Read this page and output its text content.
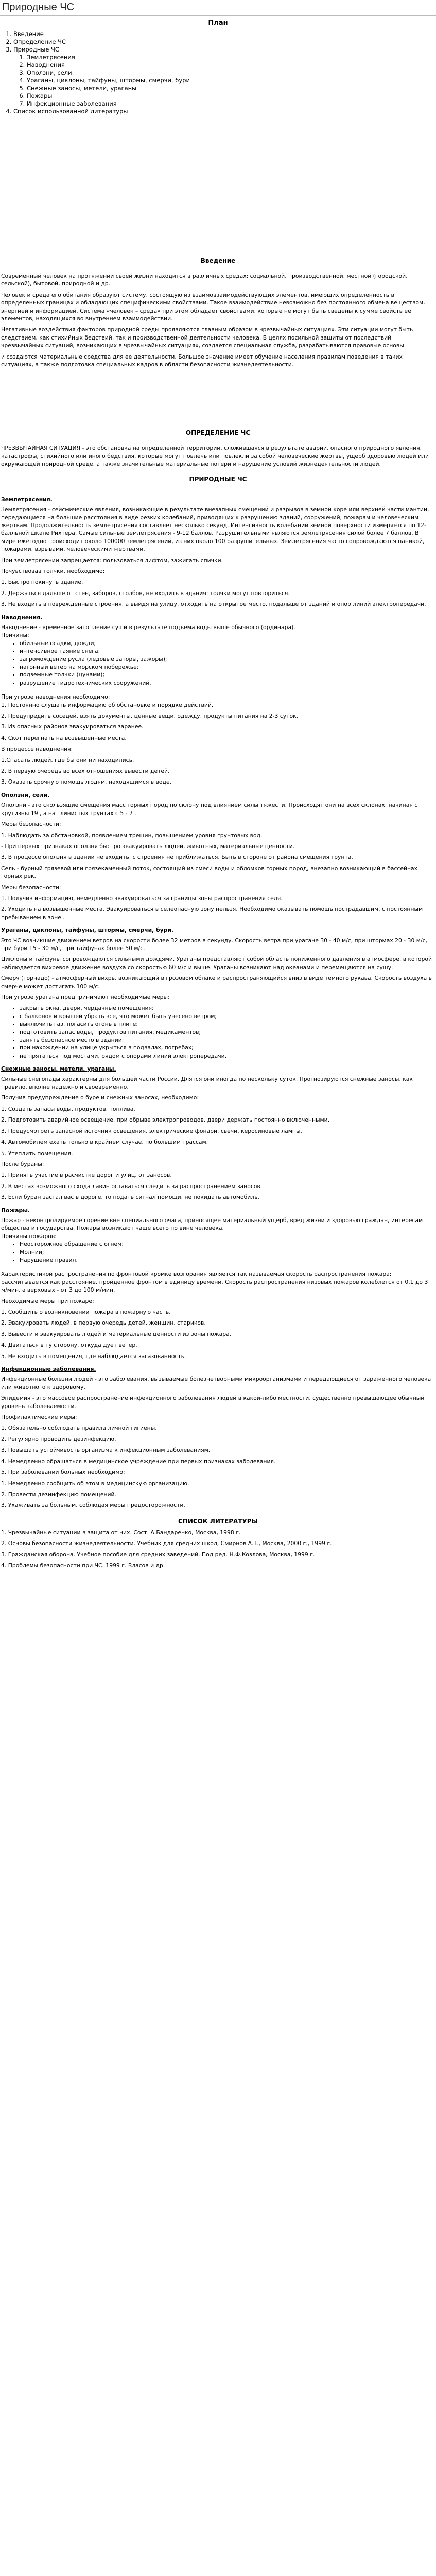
Природные ЧС
План
1. Введение
2. Определение ЧС
3. Природные ЧС
1. Землетрясения
2. Наводнения
3. Оползни, сели
4. Ураганы, циклоны, тайфуны, штормы, смерчи, бури
5. Снежные заносы, метели, ураганы
6. Пожары
7. Инфекционные заболевания
4. Список использованной литературы
Введение

Современный человек на протяжении своей жизни находится в различных средах: социальной, производственной, местной (городской, сельской), бытовой, природной и др.

Человек и среда его обитания образуют систему, состоящую из взаимовзаимодействующих элементов, имеющих определенность в определенных границах и обладающих специфическими свойствами. Такое взаимодействие невозможно без постоянного обмена веществом, энергией и информацией. Система «человек – среда» при этом обладает свойствами, которые не могут быть сведены к сумме свойств ее элементов, находящихся во внутреннем взаимодействии.

Негативные воздействия факторов природной среды проявляются главным образом в чрезвычайных ситуациях. Эти ситуации могут быть следствием, как стихийных бедствий, так и производственной деятельности человека. В целях посильной защиты от последствий чрезвычайных ситуаций, возникающих в чрезвычайных ситуациях, создается специальная служба, разрабатываются правовые основы

и создаются материальные средства для ее деятельности. Большое значение имеет обучение населения правилам поведения в таких ситуациях, а также подготовка специальных кадров в области безопасности жизнедеятельности.

ОПРЕДЕЛЕНИЕ ЧС

ЧРЕЗВЫЧАЙНАЯ СИТУАЦИЯ - это обстановка на определенной территории, сложившаяся в результате аварии, опасного природного явления, катастрофы, стихийного или иного бедствия, которые могут повлечь или повлекли за собой человеческие жертвы, ущерб здоровью людей или окружающей природной среде, а также значительные материальные потери и нарушение условий жизнедеятельности людей.

ПРИРОДНЫЕ ЧС

Землетрясения.

Землетрясения - сейсмические явления, возникающие в результате внезапных смещений и разрывов в земной коре или верхней части мантии, передающиеся на большие расстояния в виде резких колебаний, приводящих к разрушению зданий, сооружений, пожарам и человеческим жертвам. Продолжительность землетрясения составляет несколько секунд. Интенсивность колебаний земной поверхности измеряется по 12-балльной шкале Рихтера. Самые сильные землетрясения - 9-12 баллов. Разрушительными являются землетрясения силой более 7 баллов. В мире ежегодно происходит около 100000 землетрясений, из них около 100 разрушительных. Землетрясения часто сопровождаются паникой, пожарами, взрывами, человеческими жертвами.

При землетрясении запрещается: пользоваться лифтом, зажигать спички.

Почувствовав толчки, необходимо:

1. Быстро покинуть здание.

2. Держаться дальше от стен, заборов, столбов, не входить в здания: толчки могут повториться.

3. Не входить в поврежденные строения, а выйдя на улицу, отходить на открытое место, подальше от зданий и опор линий электропередачи.

Наводнения.

Наводнение - временное затопление суши в результате подъема воды выше обычного (ординара).

Причины:

• обильные осадки, дожди;
• интенсивное таяние снега;
• загромождение русла (ледовые заторы, зажоры);
• нагонный ветер на морском побережье;
• подземные толчки (цунами);
• разрушение гидротехнических сооружений.

При угрозе наводнения необходимо:

1. Постоянно слушать информацию об обстановке и порядке действий.

2. Предупредить соседей, взять документы, ценные вещи, одежду, продукты питания на 2-3 суток.

3. Из опасных районов эвакуироваться заранее.

4. Скот перегнать на возвышенные места.

В процессе наводнения:

1.Спасать людей, где бы они ни находились.

2. В первую очередь во всех отношениях вывести детей.

3. Оказать срочную помощь людям, находящимся в воде.

Оползни, сели.

Оползни - это скользящие смещения масс горных пород по склону под влиянием силы тяжести. Происходят они на всех склонах, начиная с крутизны 19 , а на глинистых грунтах с 5 - 7 .

Меры безопасности:

1. Наблюдать за обстановкой, появлением трещин, повышением уровня грунтовых вод.

- При первых признаках оползня быстро эвакуировать людей, животных, материальные ценности.

3. В процессе оползня в здании не входить, с строения не приближаться. Быть в стороне от района смещения грунта.

Сель - бурный грязевой или грязекаменный поток, состоящий из смеси воды и обломков горных пород, внезапно возникающий в бассейнах горных рек.

Меры безопасности:

1. Получив информацию, немедленно эвакуироваться за границы зоны распространения селя.

2. Уходить на возвышенные места. Эвакуироваться в селеопасную зону нельзя. Необходимо оказывать помощь пострадавшим, с постоянным пребыванием в зоне .

Ураганы, циклоны, тайфуны, штормы, смерчи, бури.

Это ЧС возникшие движением ветров на скорости более 32 метров в секунду. Скорость ветра при урагане 30 - 40 м/с, при штормах 20 - 30 м/с, при бури 15 - 30 м/с, при тайфунах более 50 м/с.

Циклоны и тайфуны сопровождаются сильными дождями. Ураганы представляют собой область пониженного давления в атмосфере, в которой наблюдается вихревое движение воздуха со скоростью 60 м/с и выше. Ураганы возникают над океанами и перемещаются на сушу.

Смерч (торнадо) - атмосферный вихрь, возникающий в грозовом облаке и распространяющийся вниз в виде темного рукава. Скорость воздуха в смерче может достигать 100 м/с.

При угрозе урагана предпринимают необходимые меры:

• закрыть окна, двери, чердачные помещения;
• с балконов и крышей убрать все, что может быть унесено ветром;
• выключить газ, погасить огонь в плите;
• подготовить запас воды, продуктов питания, медикаментов;
• занять безопасное место в здании;
• при нахождении на улице укрыться в подвалах, погребах;
• не прятаться под мостами, рядом с опорами линий электропередачи.

Снежные заносы, метели, ураганы.

Сильные снегопады характерны для большей части России. Длятся они иногда по нескольку суток. Прогнозируются снежные заносы, как правило, вполне надежно и своевременно.

Получив предупреждение о буре и снежных заносах, необходимо:

1. Создать запасы воды, продуктов, топлива.

2. Подготовить аварийное освещение, при обрыве электропроводов, двери держать постоянно включенными.

3. Предусмотреть запасной источник освещения, электрические фонари, свечи, керосиновые лампы.

4. Автомобилем ехать только в крайнем случае, по большим трассам.

5. Утеплить помещения.

После бураны:

1. Принять участие в расчистке дорог и улиц, от заносов.

2. В местах возможного схода лавин оставаться следить за распространением заносов.

3. Если буран застал вас в дороге, то подать сигнал помощи, не покидать автомобиль.

Пожары.

Пожар - неконтролируемое горение вне специального очага, приносящее материальный ущерб, вред жизни и здоровью граждан, интересам общества и государства. Пожары возникают чаще всего по вине человека.

Причины пожаров:

• Неосторожное обращение с огнем;
• Молнии;
• Нарушение правил.

Характеристикой распространения по фронтовой кромке возгорания является так называемая скорость распространения пожара: рассчитывается как расстояние, пройденное фронтом в единицу времени. Скорость распространения низовых пожаров колеблется от 0,1 до 3 м/мин, а верховых - от 3 до 100 м/мин.

Неоходимые меры при пожаре:

1. Сообщить о возникновении пожара в пожарную часть.

2. Эвакуировать людей, в первую очередь детей, женщин, стариков.

3. Вывести и эвакуировать людей и материальные ценности из зоны пожара.

4. Двигаться в ту сторону, откуда дует ветер.

5. Не входить в помещения, где наблюдается загазованность.

Инфекционные заболевания.

Инфекционные болезни людей - это заболевания, вызываемые болезнетворными микроорганизмами и передающиеся от зараженного человека или животного к здоровому.

Эпидемия - это массовое распространение инфекционного заболевания людей в какой-либо местности, существенно превышающее обычный уровень заболеваемости.

Профилактические меры:

1. Обязательно соблюдать правила личной гигиены.

2. Регулярно проводить дезинфекцию.

3. Повышать устойчивость организма к инфекционным заболеваниям.

4. Немедленно обращаться в медицинское учреждение при первых признаках заболевания.

5. При заболевании больных необходимо:

1. Немедленно сообщить об этом в медицинскую организацию.

2. Провести дезинфекцию помещений.

3. Ухаживать за больным, соблюдая меры предосторожности.

СПИСОК ЛИТЕРАТУРЫ

1. Чрезвычайные ситуации в защита от них. Сост. А.Бандаренко, Москва, 1998 г.

2. Основы безопасности жизнедеятельности. Учебник для средних школ, Смирнов А.Т., Москва, 2000 г., 1999 г.

3. Гражданская оборона. Учебное пособие для средних заведений. Под ред. Н.Ф.Козлова, Москва, 1999 г.

4. Проблемы безопасности при ЧС. 1999 г. Власов и др.
